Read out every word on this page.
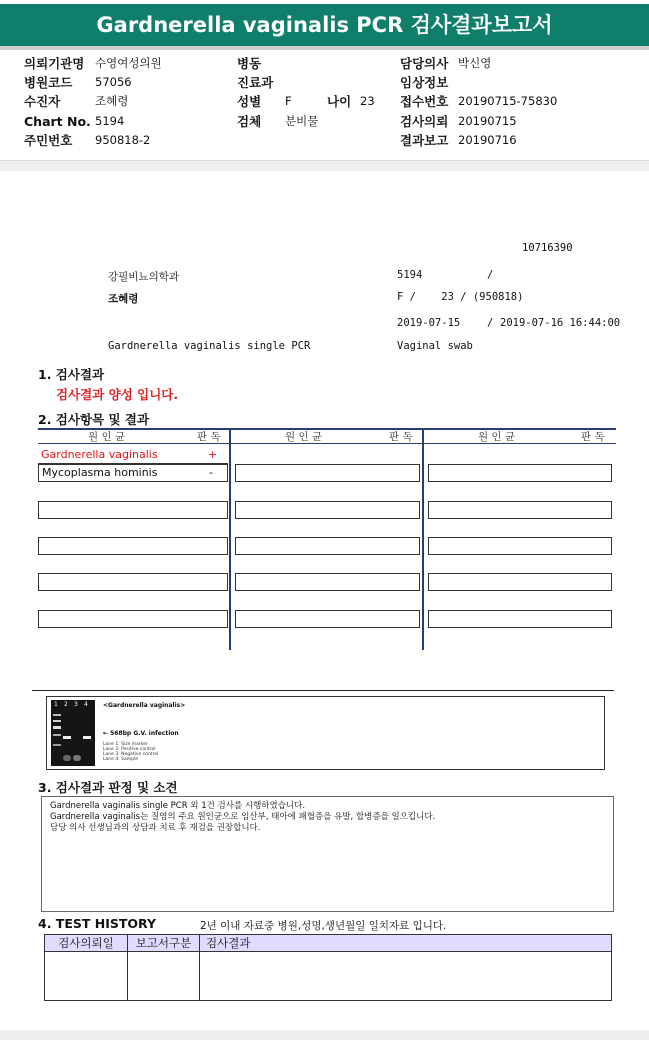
Gardnerella vaginalis PCR 검사결과보고서
의뢰기관명 수영여성의원
병원코드 57056
수진자	조혜령
Chart No. 5194
주민번호 950818-2
병동
진료과
성별 F	나이 23
검체 분비물
담당의사 박신영
임상정보
접수번호 20190715-75830
검사의뢰 20190715
결과보고 20190716
10716390
강필비뇨의학과	5194	/
조혜령	F /    23 / (950818)
2019-07-15	/ 2019-07-16 16:44:00
Gardnerella vaginalis single PCR	Vaginal swab
1. 검사결과
검사결과 양성 입니다.
2. 검사항목 및 결과
원 인 균	판 독	원 인 균	판 독	원 인 균	판 독
Gardnerella vaginalis	+
Mycoplasma hominis	-
1 2 3 4	<Gardnerella vaginalis>
← 568bp G.V. infection
Lane 1: Size marker
Lane 2: Positive control
Lane 3: Negative control
Lane 4: Sample
3. 검사결과 판정 및 소견
Gardnerella vaginalis single PCR 외 1건 검사를 시행하였습니다.
Gardnerella vaginalis는 질염의 주요 원인균으로 임산부, 태아에 패혈증을 유발, 합병증을 일으킵니다.
담당 의사 선생님과의 상담과 치료 후 재검을 권장합니다.
4. TEST HISTORY	2년 이내 자료중 병원,성명,생년월일 일치자료 입니다.
검사의뢰일	보고서구분	검사결과
